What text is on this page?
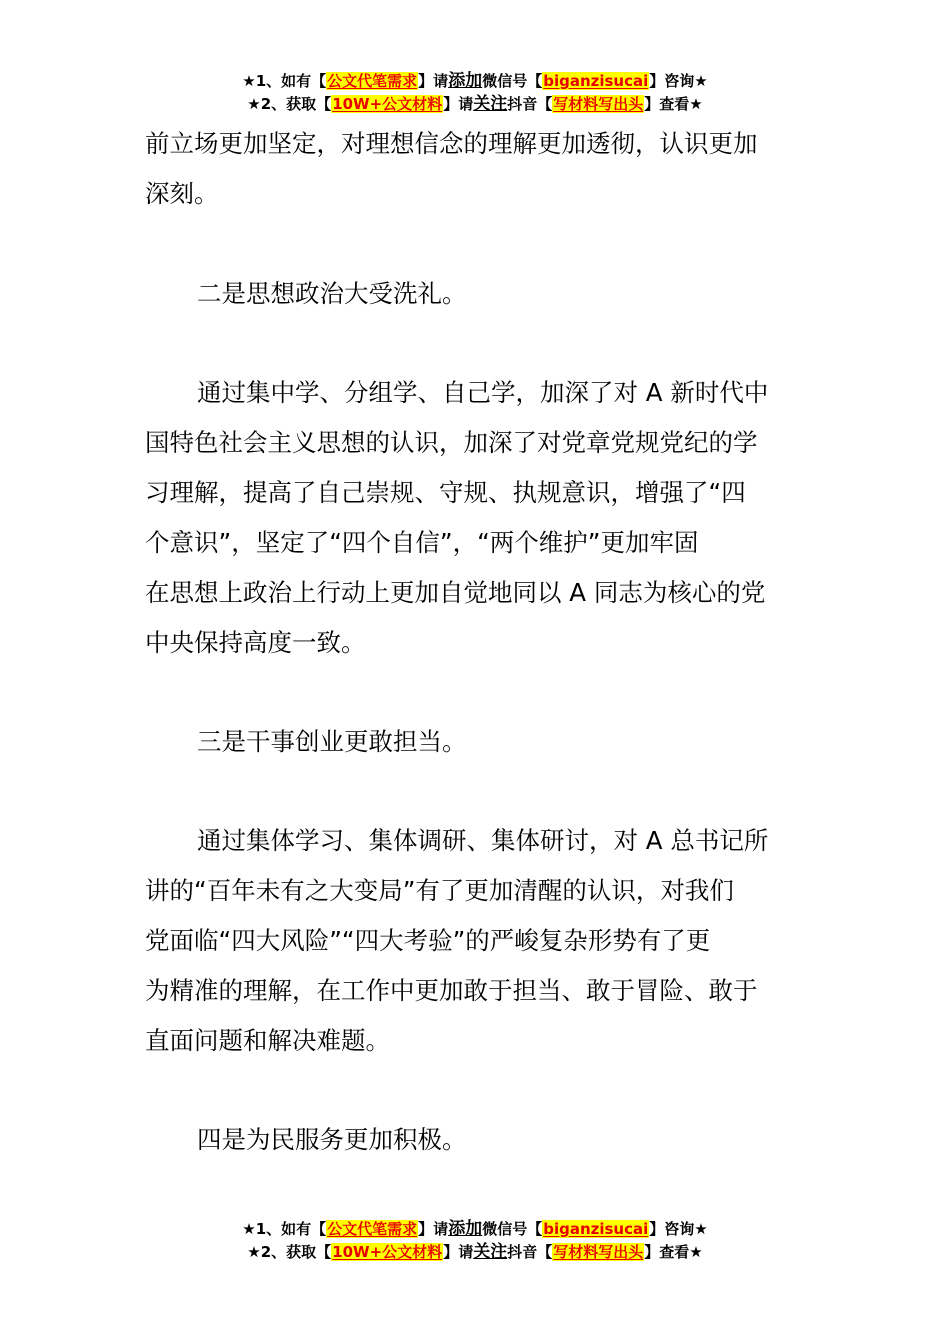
★1、如有【公文代笔需求】请添加微信号【biganzisucai】咨询★
★2、获取【10W+公文材料】请关注抖音【写材料写出头】查看★
前立场更加坚定，对理想信念的理解更加透彻，认识更加
深刻。
二是思想政治大受洗礼。
通过集中学、分组学、自己学，加深了对 A 新时代中
国特色社会主义思想的认识，加深了对党章党规党纪的学
习理解，提高了自己崇规、守规、执规意识，增强了“四
个意识”，坚定了“四个自信”，“两个维护”更加牢固
在思想上政治上行动上更加自觉地同以 A 同志为核心的党
中央保持高度一致。
三是干事创业更敢担当。
通过集体学习、集体调研、集体研讨，对 A 总书记所
讲的“百年未有之大变局”有了更加清醒的认识，对我们
党面临“四大风险”“四大考验”的严峻复杂形势有了更
为精准的理解，在工作中更加敢于担当、敢于冒险、敢于
直面问题和解决难题。
四是为民服务更加积极。
★1、如有【公文代笔需求】请添加微信号【biganzisucai】咨询★
★2、获取【10W+公文材料】请关注抖音【写材料写出头】查看★
